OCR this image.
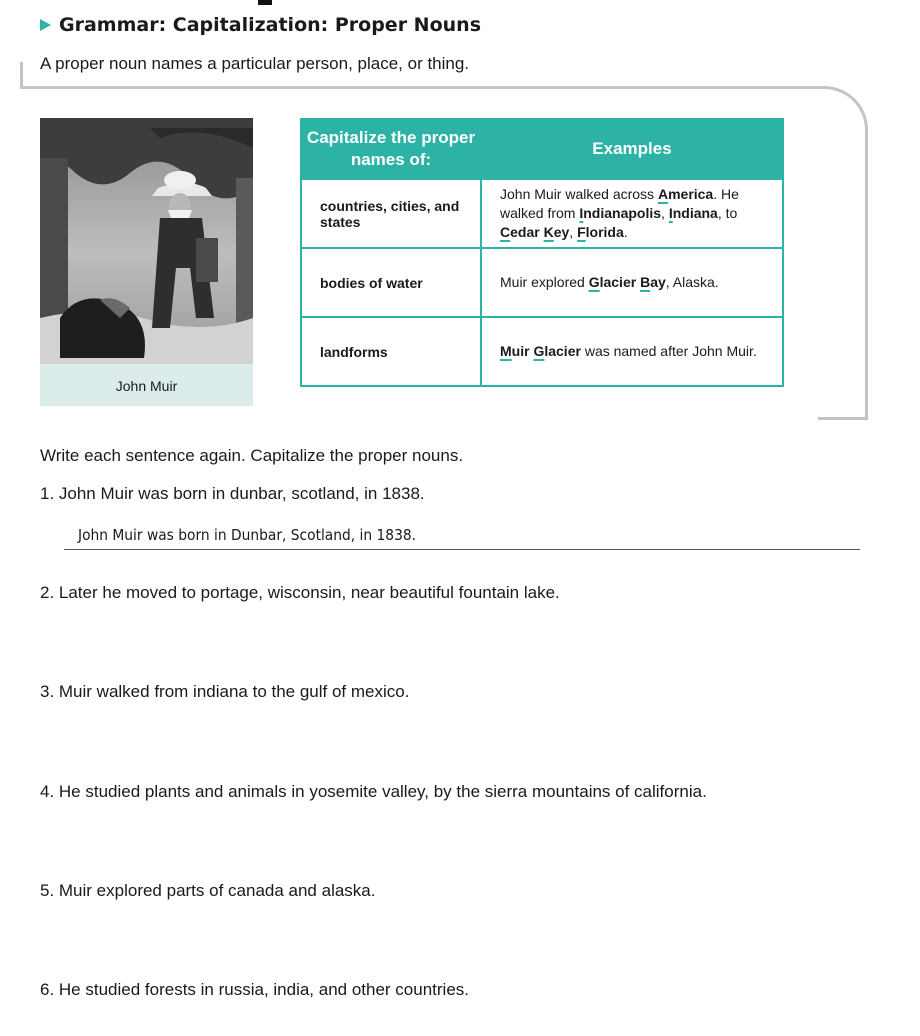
Grammar: Capitalization: Proper Nouns
A proper noun names a particular person, place, or thing.
John Muir
Capitalize the proper names of:	Examples
countries, cities, and states	John Muir walked across America. He walked from Indianapolis, Indiana, to Cedar Key, Florida.
bodies of water	Muir explored Glacier Bay, Alaska.
landforms	Muir Glacier was named after John Muir.
Write each sentence again. Capitalize the proper nouns.
1. John Muir was born in dunbar, scotland, in 1838.
John Muir was born in Dunbar, Scotland, in 1838.
2. Later he moved to portage, wisconsin, near beautiful fountain lake.
3. Muir walked from indiana to the gulf of mexico.
4. He studied plants and animals in yosemite valley, by the sierra mountains of california.
5. Muir explored parts of canada and alaska.
6. He studied forests in russia, india, and other countries.
